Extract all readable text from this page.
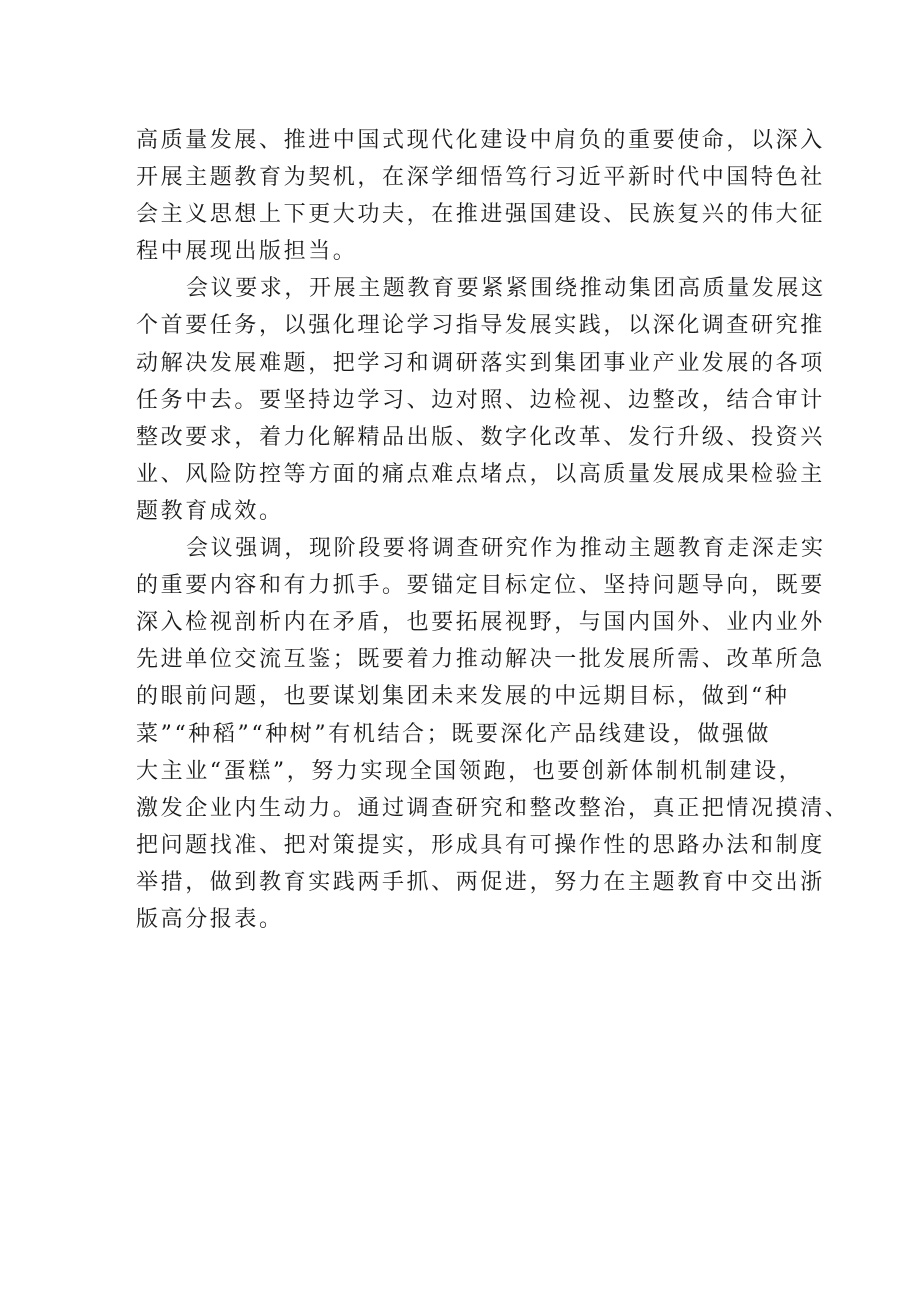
高质量发展、推进中国式现代化建设中肩负的重要使命，以深入
开展主题教育为契机，在深学细悟笃行习近平新时代中国特色社
会主义思想上下更大功夫，在推进强国建设、民族复兴的伟大征
程中展现出版担当。
会议要求，开展主题教育要紧紧围绕推动集团高质量发展这
个首要任务，以强化理论学习指导发展实践，以深化调查研究推
动解决发展难题，把学习和调研落实到集团事业产业发展的各项
任务中去。要坚持边学习、边对照、边检视、边整改，结合审计
整改要求，着力化解精品出版、数字化改革、发行升级、投资兴
业、风险防控等方面的痛点难点堵点，以高质量发展成果检验主
题教育成效。
会议强调，现阶段要将调查研究作为推动主题教育走深走实
的重要内容和有力抓手。要锚定目标定位、坚持问题导向，既要
深入检视剖析内在矛盾，也要拓展视野，与国内国外、业内业外
先进单位交流互鉴；既要着力推动解决一批发展所需、改革所急
的眼前问题，也要谋划集团未来发展的中远期目标，做到“种
菜”“种稻”“种树”有机结合；既要深化产品线建设，做强做
大主业“蛋糕”，努力实现全国领跑，也要创新体制机制建设，
激发企业内生动力。通过调查研究和整改整治，真正把情况摸清、
把问题找准、把对策提实，形成具有可操作性的思路办法和制度
举措，做到教育实践两手抓、两促进，努力在主题教育中交出浙
版高分报表。
